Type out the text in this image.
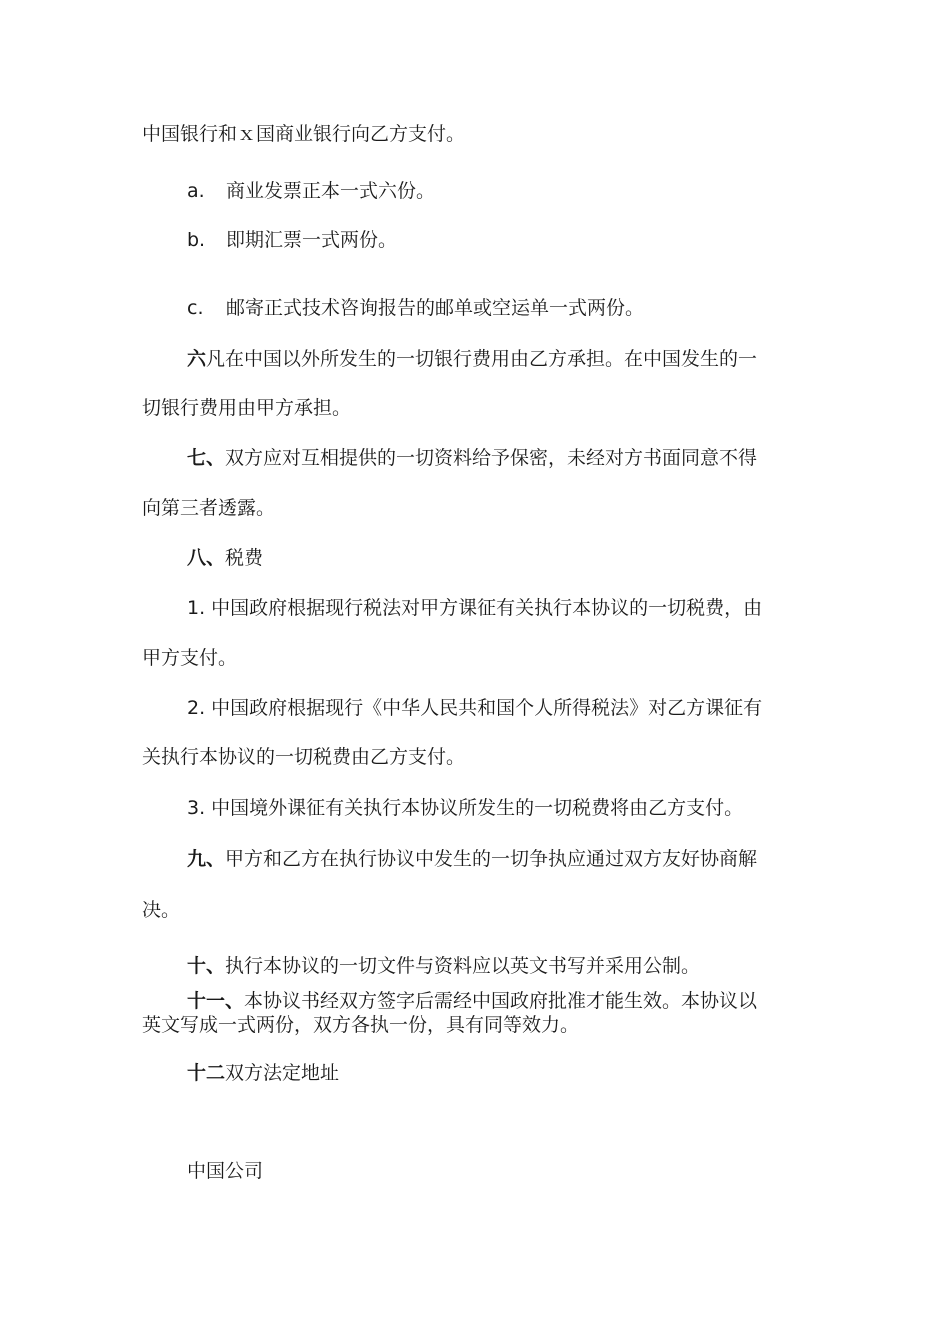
中国银行和ｘ国商业银行向乙方支付。

a. 商业发票正本一式六份。

b. 即期汇票一式两份。

c. 邮寄正式技术咨询报告的邮单或空运单一式两份。

六凡在中国以外所发生的一切银行费用由乙方承担。在中国发生的一

切银行费用由甲方承担。

七、双方应对互相提供的一切资料给予保密，未经对方书面同意不得

向第三者透露。

八、税费

1. 中国政府根据现行税法对甲方课征有关执行本协议的一切税费，由

甲方支付。

2. 中国政府根据现行《中华人民共和国个人所得税法》对乙方课征有

关执行本协议的一切税费由乙方支付。

3. 中国境外课征有关执行本协议所发生的一切税费将由乙方支付。

九、甲方和乙方在执行协议中发生的一切争执应通过双方友好协商解

决。

十、执行本协议的一切文件与资料应以英文书写并采用公制。

十一、本协议书经双方签字后需经中国政府批准才能生效。本协议以

英文写成一式两份，双方各执一份，具有同等效力。

十二双方法定地址

中国公司
